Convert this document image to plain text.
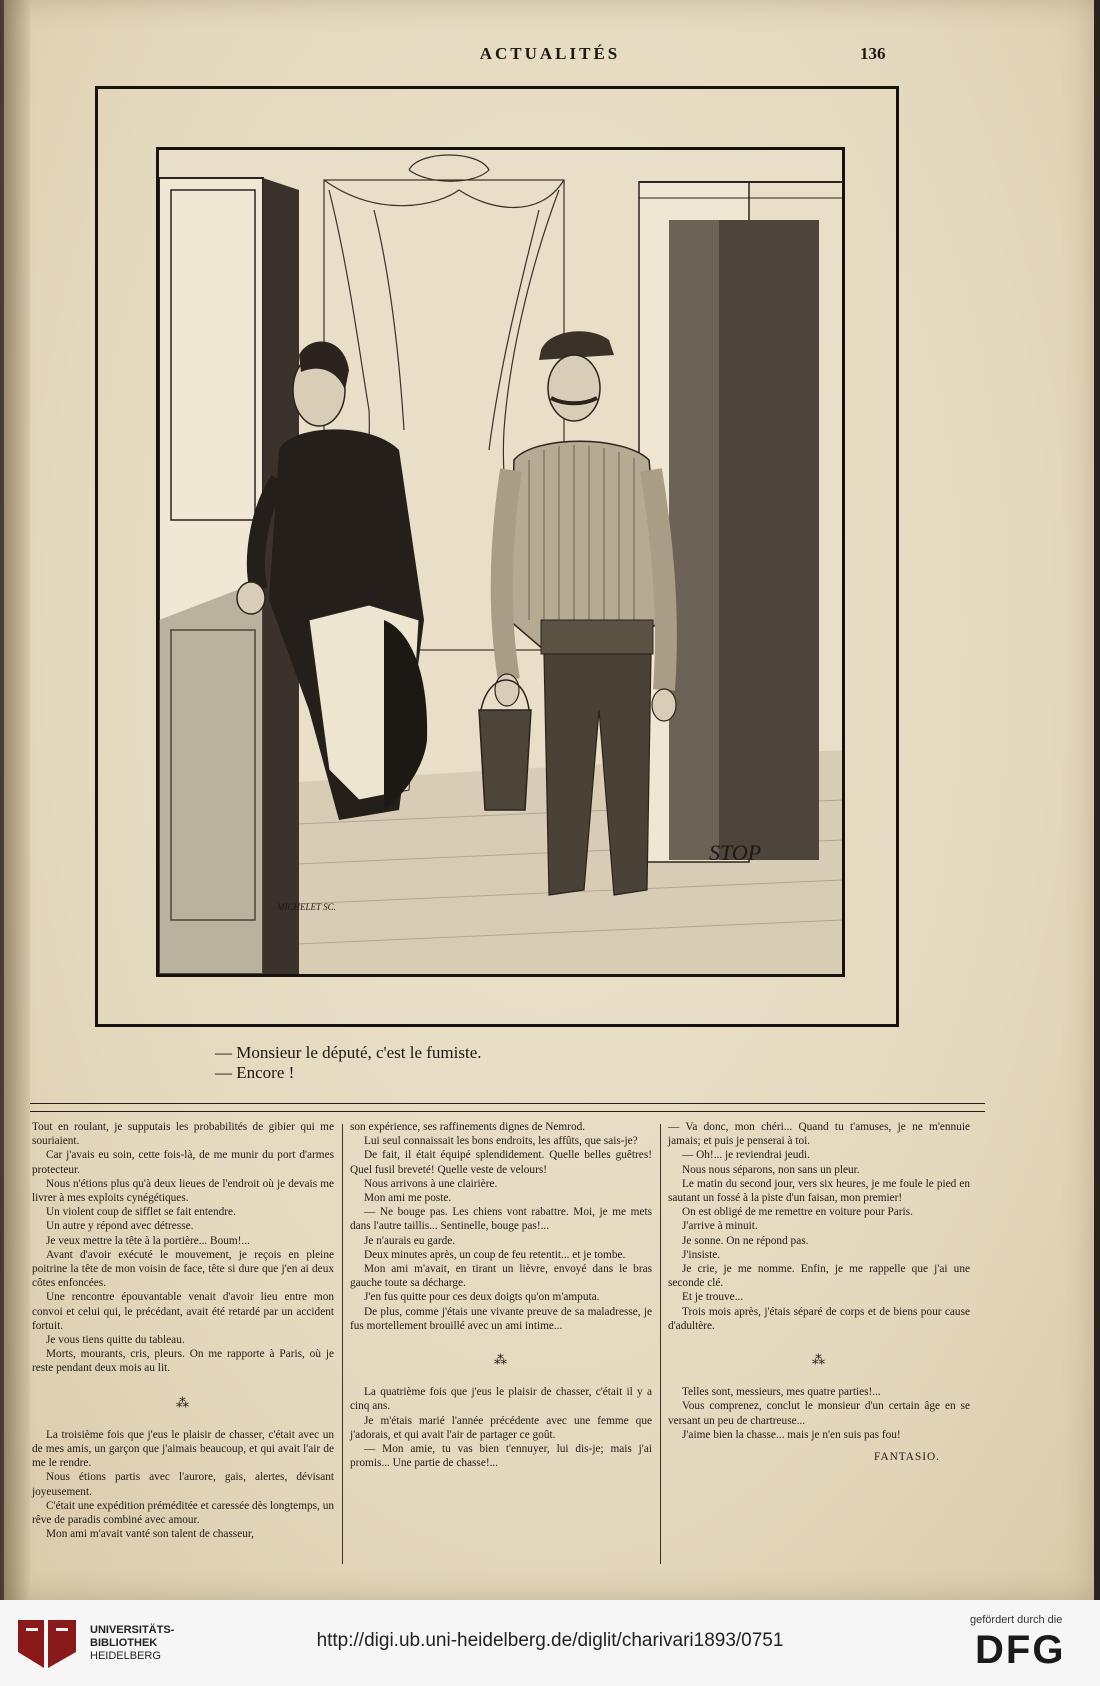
ACTUALITÉS	136
STOP
MICHELET SC.
— Monsieur le député, c'est le fumiste.
— Encore !

Tout en roulant, je supputais les probabilités de gibier qui me souriaient.

Car j'avais eu soin, cette fois-là, de me munir du port d'armes protecteur.

Nous n'étions plus qu'à deux lieues de l'endroit où je devais me livrer à mes exploits cynégétiques.

Un violent coup de sifflet se fait entendre.

Un autre y répond avec détresse.

Je veux mettre la tête à la portière... Boum!...

Avant d'avoir exécuté le mouvement, je reçois en pleine poitrine la tête de mon voisin de face, tête si dure que j'en ai deux côtes enfoncées.

Une rencontre épouvantable venait d'avoir lieu entre mon convoi et celui qui, le précédant, avait été retardé par un accident fortuit.

Je vous tiens quitte du tableau.

Morts, mourants, cris, pleurs. On me rapporte à Paris, où je reste pendant deux mois au lit.

⁂

La troisième fois que j'eus le plaisir de chasser, c'était avec un de mes amis, un garçon que j'aimais beaucoup, et qui avait l'air de me le rendre.

Nous étions partis avec l'aurore, gais, alertes, dévisant joyeusement.

C'était une expédition préméditée et caressée dès longtemps, un rêve de paradis combiné avec amour.

Mon ami m'avait vanté son talent de chasseur,

son expérience, ses raffinements dignes de Nemrod.

Lui seul connaissait les bons endroits, les affûts, que sais-je?

De fait, il était équipé splendidement. Quelle belles guêtres! Quel fusil breveté! Quelle veste de velours!

Nous arrivons à une clairière.

Mon ami me poste.

— Ne bouge pas. Les chiens vont rabattre. Moi, je me mets dans l'autre taillis... Sentinelle, bouge pas!...

Je n'aurais eu garde.

Deux minutes après, un coup de feu retentit... et je tombe.

Mon ami m'avait, en tirant un lièvre, envoyé dans le bras gauche toute sa décharge.

J'en fus quitte pour ces deux doigts qu'on m'amputa.

De plus, comme j'étais une vivante preuve de sa maladresse, je fus mortellement brouillé avec un ami intime...

⁂

La quatrième fois que j'eus le plaisir de chasser, c'était il y a cinq ans.

Je m'étais marié l'année précédente avec une femme que j'adorais, et qui avait l'air de partager ce goût.

— Mon amie, tu vas bien t'ennuyer, lui dis-je; mais j'ai promis... Une partie de chasse!...

— Va donc, mon chéri... Quand tu t'amuses, je ne m'ennuie jamais; et puis je penserai à toi.

— Oh!... je reviendrai jeudi.

Nous nous séparons, non sans un pleur.

Le matin du second jour, vers six heures, je me foule le pied en sautant un fossé à la piste d'un faisan, mon premier!

On est obligé de me remettre en voiture pour Paris.

J'arrive à minuit.

Je sonne. On ne répond pas.

J'insiste.

Je crie, je me nomme. Enfin, je me rappelle que j'ai une seconde clé.

Et je trouve...

Trois mois après, j'étais séparé de corps et de biens pour cause d'adultère.

⁂

Telles sont, messieurs, mes quatre parties!...

Vous comprenez, conclut le monsieur d'un certain âge en se versant un peu de chartreuse...

J'aime bien la chasse... mais je n'en suis pas fou!

FANTASIO.

UNIVERSITÄTS-
BIBLIOTHEK
HEIDELBERG
http://digi.ub.uni-heidelberg.de/diglit/charivari1893/0751
gefördert durch die
DFG
